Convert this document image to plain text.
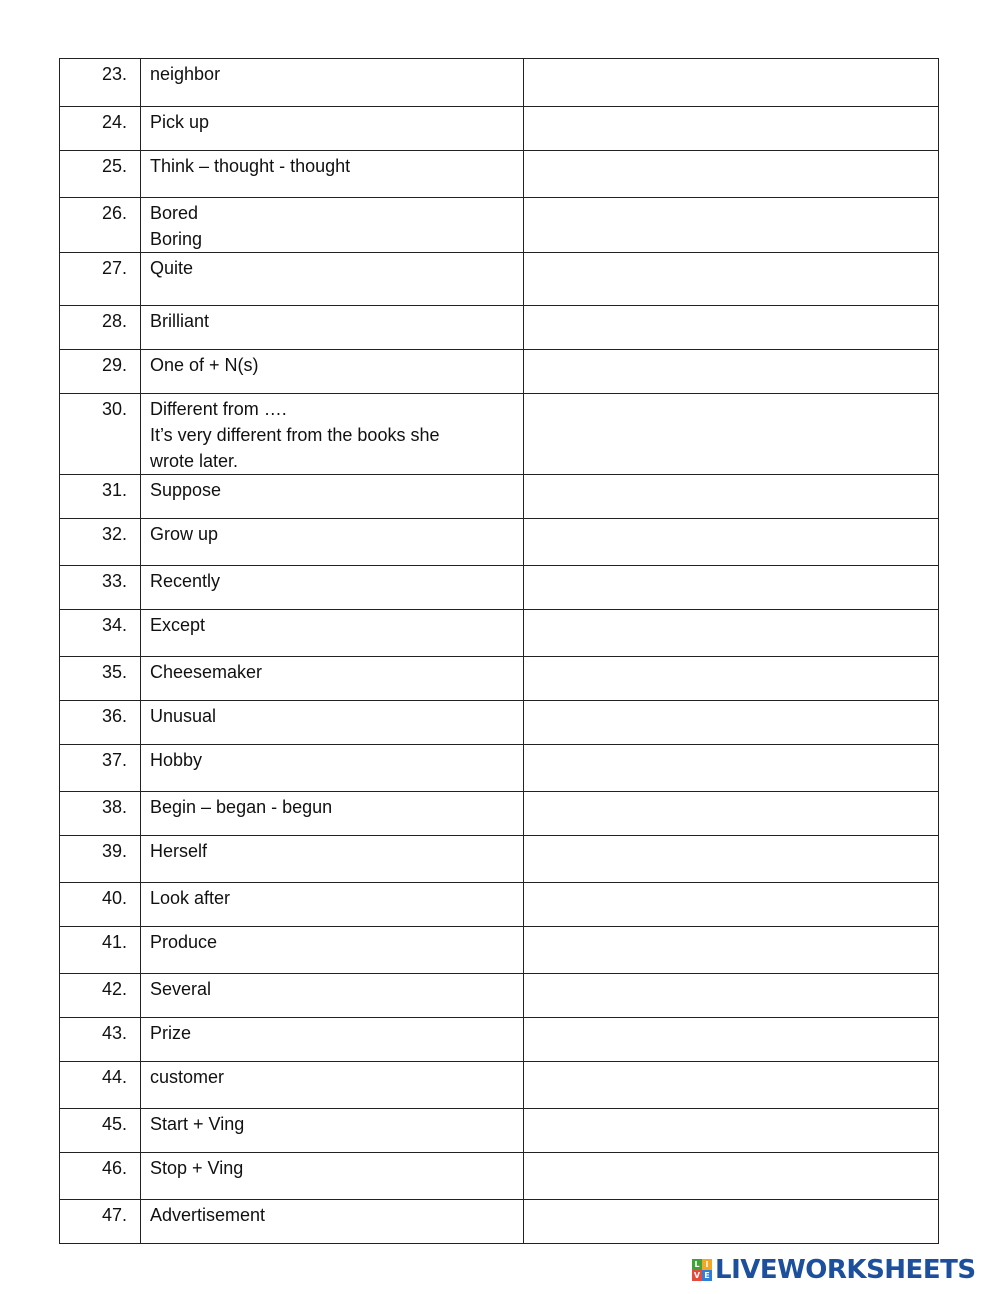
23.	neighbor	

24.	Pick up	

25.	Think – thought - thought	

26.	Bored
Boring	

27.	Quite	

28.	Brilliant	

29.	One of + N(s)	

30.	Different from ….
It’s very different from the books she
wrote later.	

31.	Suppose	

32.	Grow up	

33.	Recently	

34.	Except	

35.	Cheesemaker	

36.	Unusual	

37.	Hobby	

38.	Begin – began - begun	

39.	Herself	

40.	Look after	

41.	Produce	

42.	Several	

43.	Prize	

44.	customer	

45.	Start + Ving	

46.	Stop + Ving	

47.	Advertisement	

L I
V E LIVEWORKSHEETS
